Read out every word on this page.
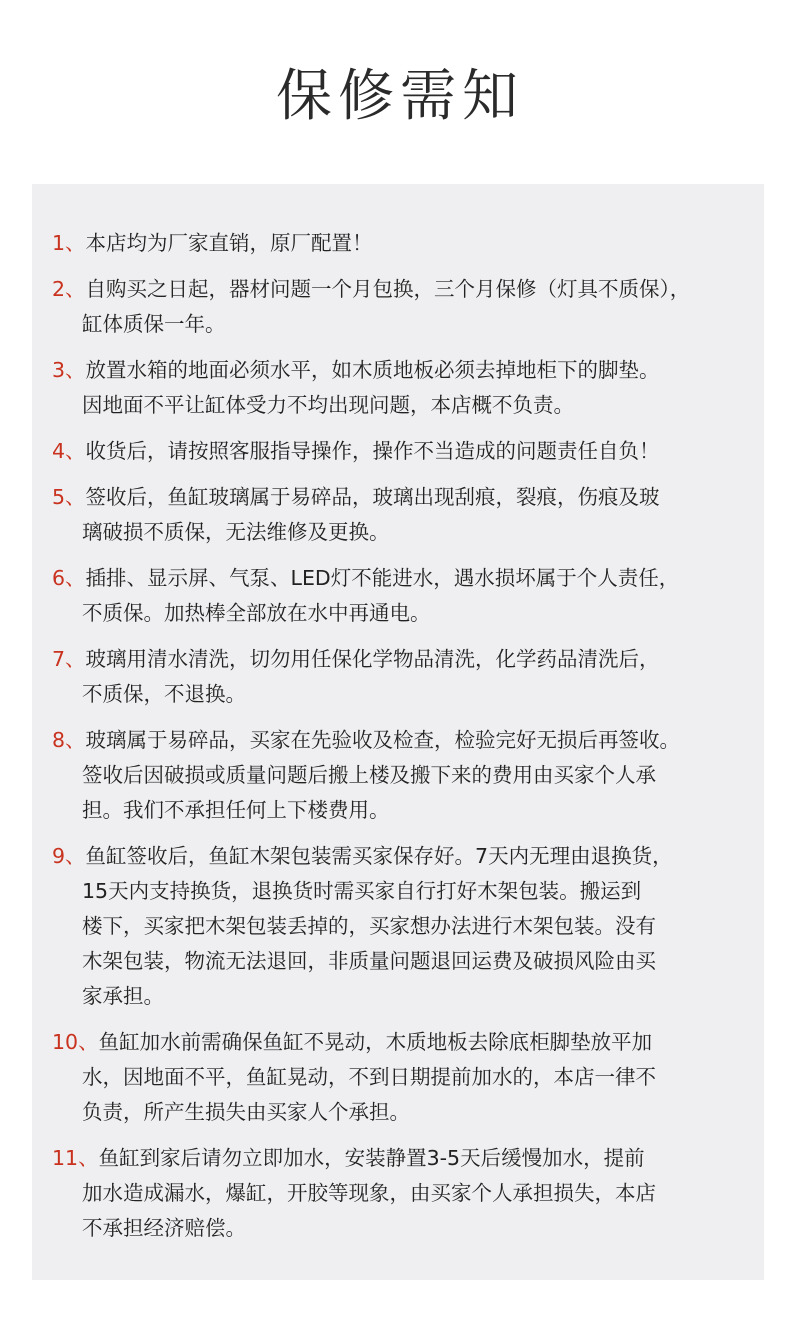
保修需知
1、本店均为厂家直销，原厂配置！
2、自购买之日起，器材问题一个月包换，三个月保修（灯具不质保），
缸体质保一年。
3、放置水箱的地面必须水平，如木质地板必须去掉地柜下的脚垫。
因地面不平让缸体受力不均出现问题，本店概不负责。
4、收货后，请按照客服指导操作，操作不当造成的问题责任自负！
5、签收后，鱼缸玻璃属于易碎品，玻璃出现刮痕，裂痕，伤痕及玻
璃破损不质保，无法维修及更换。
6、插排、显示屏、气泵、LED灯不能进水，遇水损坏属于个人责任，
不质保。加热棒全部放在水中再通电。
7、玻璃用清水清洗，切勿用任保化学物品清洗，化学药品清洗后，
不质保，不退换。
8、玻璃属于易碎品，买家在先验收及检查，检验完好无损后再签收。
签收后因破损或质量问题后搬上楼及搬下来的费用由买家个人承
担。我们不承担任何上下楼费用。
9、鱼缸签收后，鱼缸木架包装需买家保存好。7天内无理由退换货，
15天内支持换货，退换货时需买家自行打好木架包装。搬运到
楼下，买家把木架包装丢掉的，买家想办法进行木架包装。没有
木架包装，物流无法退回，非质量问题退回运费及破损风险由买
家承担。
10、鱼缸加水前需确保鱼缸不晃动，木质地板去除底柜脚垫放平加
水，因地面不平，鱼缸晃动，不到日期提前加水的，本店一律不
负责，所产生损失由买家人个承担。
11、鱼缸到家后请勿立即加水，安装静置3-5天后缓慢加水，提前
加水造成漏水，爆缸，开胶等现象，由买家个人承担损失，本店
不承担经济赔偿。
